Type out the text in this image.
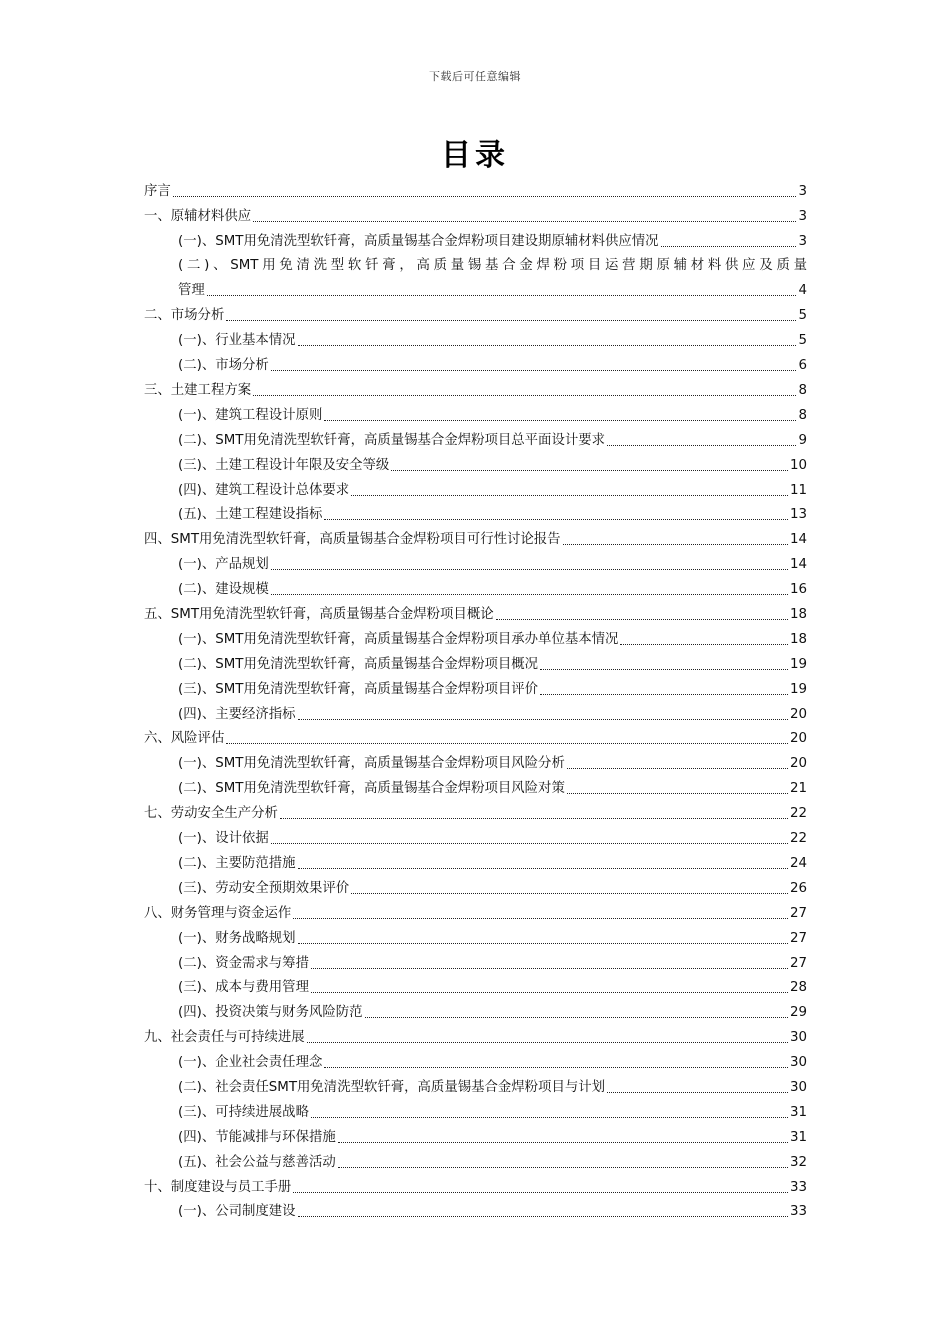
下载后可任意编辑
目录
序言	3
一、原辅材料供应	3
(一)、SMT用免清洗型软钎膏，高质量锡基合金焊粉项目建设期原辅材料供应情况	3
(二)、SMT用免清洗型软钎膏，高质量锡基合金焊粉项目运营期原辅材料供应及质量
管理	4
二、市场分析	5
(一)、行业基本情况	5
(二)、市场分析	6
三、土建工程方案	8
(一)、建筑工程设计原则	8
(二)、SMT用免清洗型软钎膏，高质量锡基合金焊粉项目总平面设计要求	9
(三)、土建工程设计年限及安全等级	10
(四)、建筑工程设计总体要求	11
(五)、土建工程建设指标	13
四、SMT用免清洗型软钎膏，高质量锡基合金焊粉项目可行性讨论报告	14
(一)、产品规划	14
(二)、建设规模	16
五、SMT用免清洗型软钎膏，高质量锡基合金焊粉项目概论	18
(一)、SMT用免清洗型软钎膏，高质量锡基合金焊粉项目承办单位基本情况	18
(二)、SMT用免清洗型软钎膏，高质量锡基合金焊粉项目概况	19
(三)、SMT用免清洗型软钎膏，高质量锡基合金焊粉项目评价	19
(四)、主要经济指标	20
六、风险评估	20
(一)、SMT用免清洗型软钎膏，高质量锡基合金焊粉项目风险分析	20
(二)、SMT用免清洗型软钎膏，高质量锡基合金焊粉项目风险对策	21
七、劳动安全生产分析	22
(一)、设计依据	22
(二)、主要防范措施	24
(三)、劳动安全预期效果评价	26
八、财务管理与资金运作	27
(一)、财务战略规划	27
(二)、资金需求与筹措	27
(三)、成本与费用管理	28
(四)、投资决策与财务风险防范	29
九、社会责任与可持续进展	30
(一)、企业社会责任理念	30
(二)、社会责任SMT用免清洗型软钎膏，高质量锡基合金焊粉项目与计划	30
(三)、可持续进展战略	31
(四)、节能减排与环保措施	31
(五)、社会公益与慈善活动	32
十、制度建设与员工手册	33
(一)、公司制度建设	33
